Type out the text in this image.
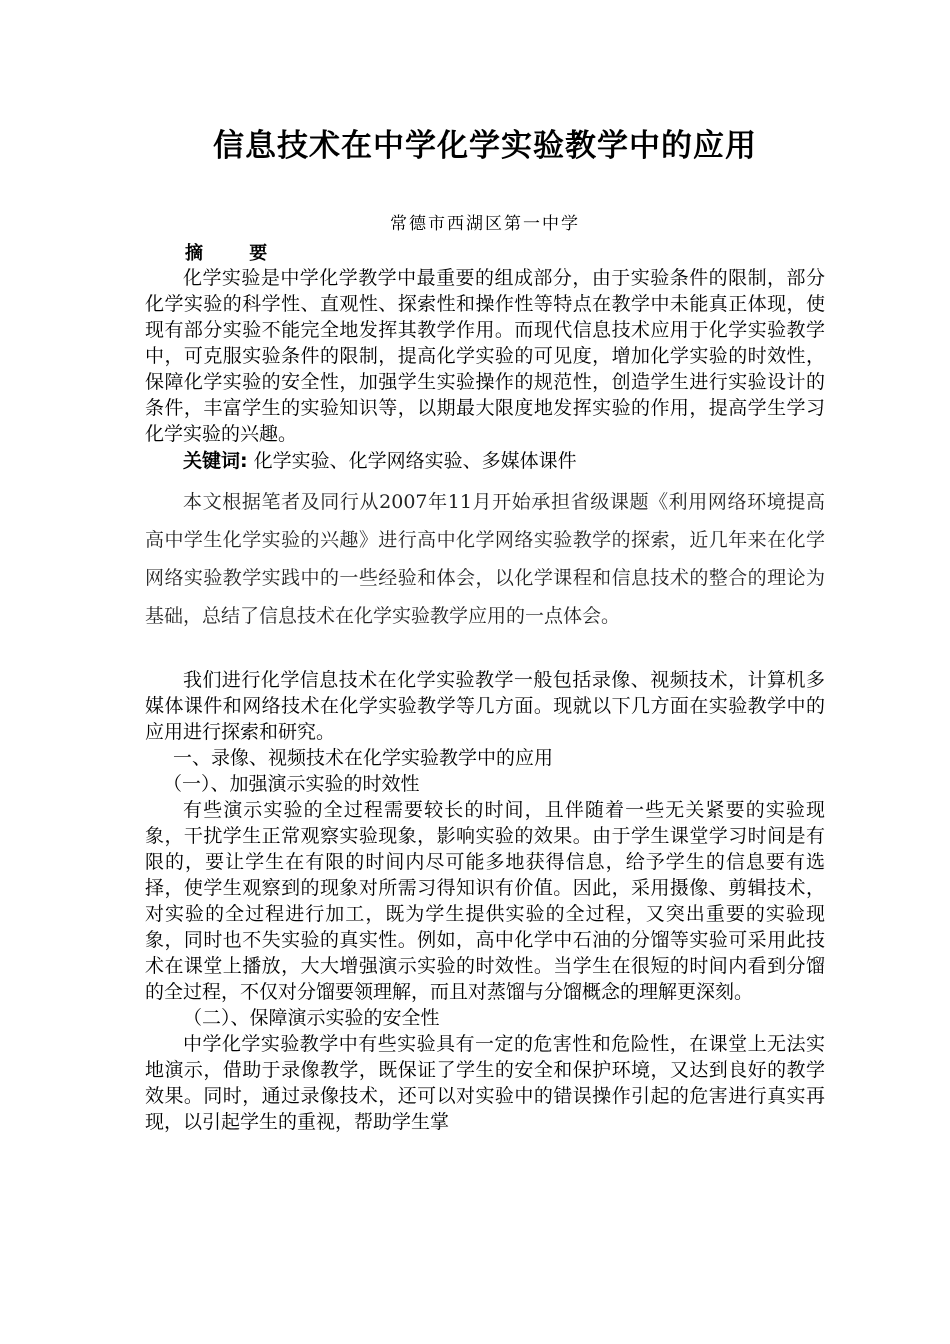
信息技术在中学化学实验教学中的应用
常德市西湖区第一中学
摘 要

化学实验是中学化学教学中最重要的组成部分，由于实验条件的限制，部分化学实验的科学性、直观性、探索性和操作性等特点在教学中未能真正体现，使现有部分实验不能完全地发挥其教学作用。而现代信息技术应用于化学实验教学中，可克服实验条件的限制，提高化学实验的可见度，增加化学实验的时效性，保障化学实验的安全性，加强学生实验操作的规范性，创造学生进行实验设计的条件，丰富学生的实验知识等，以期最大限度地发挥实验的作用，提高学生学习化学实验的兴趣。

关键词: 化学实验、化学网络实验、多媒体课件

本文根据笔者及同行从2007年11月开始承担省级课题《利用网络环境提高高中学生化学实验的兴趣》进行高中化学网络实验教学的探索，近几年来在化学网络实验教学实践中的一些经验和体会，以化学课程和信息技术的整合的理论为基础，总结了信息技术在化学实验教学应用的一点体会。

我们进行化学信息技术在化学实验教学一般包括录像、视频技术，计算机多媒体课件和网络技术在化学实验教学等几方面。现就以下几方面在实验教学中的应用进行探索和研究。

一、录像、视频技术在化学实验教学中的应用

（一）、加强演示实验的时效性

有些演示实验的全过程需要较长的时间，且伴随着一些无关紧要的实验现象，干扰学生正常观察实验现象，影响实验的效果。由于学生课堂学习时间是有限的，要让学生在有限的时间内尽可能多地获得信息，给予学生的信息要有选择，使学生观察到的现象对所需习得知识有价值。因此，采用摄像、剪辑技术，对实验的全过程进行加工，既为学生提供实验的全过程，又突出重要的实验现象，同时也不失实验的真实性。例如，高中化学中石油的分馏等实验可采用此技术在课堂上播放，大大增强演示实验的时效性。当学生在很短的时间内看到分馏的全过程，不仅对分馏要领理解，而且对蒸馏与分馏概念的理解更深刻。

（二）、保障演示实验的安全性

中学化学实验教学中有些实验具有一定的危害性和危险性，在课堂上无法实地演示，借助于录像教学，既保证了学生的安全和保护环境，又达到良好的教学效果。同时，通过录像技术，还可以对实验中的错误操作引起的危害进行真实再现，以引起学生的重视，帮助学生掌
